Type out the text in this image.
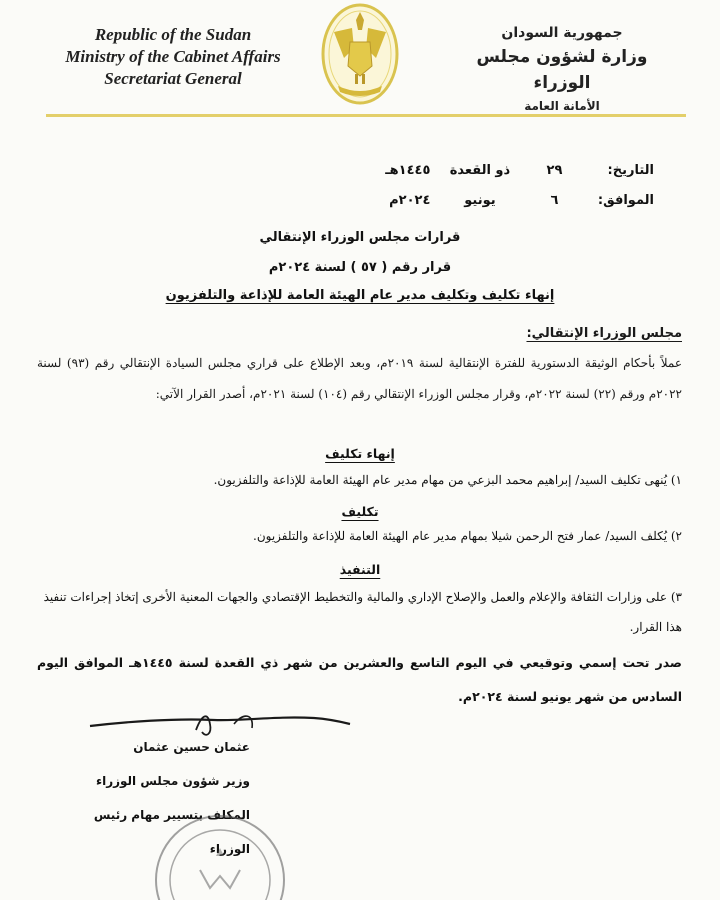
Republic of the Sudan
Ministry of the Cabinet Affairs
Secretariat General
جمهورية السودان
وزارة لشؤون مجلس الوزراء
الأمانة العامة
التاريخ: ٢٩ ذو القعدة ١٤٤٥هـ
الموافق: ٦ يونيو ٢٠٢٤م
قرارات مجلس الوزراء الإنتقالي
قرار رقم ( ٥٧ ) لسنة ٢٠٢٤م
إنهاء تكليف وتكليف مدير عام الهيئة العامة للإذاعة والتلفزيون
مجلس الوزراء الإنتقالي:
عملاً بأحكام الوثيقة الدستورية للفترة الإنتقالية لسنة ٢٠١٩م، وبعد الإطلاع على قراري مجلس السيادة الإنتقالي رقم (٩٣) لسنة ٢٠٢٢م ورقم (٢٢) لسنة ٢٠٢٢م، وقرار مجلس الوزراء الإنتقالي رقم (١٠٤) لسنة ٢٠٢١م، أصدر القرار الآتي:
إنهاء تكليف
١) يُنهى تكليف السيد/ إبراهيم محمد البزعي من مهام مدير عام الهيئة العامة للإذاعة والتلفزيون.
تكليف
٢) يُكلف السيد/ عمار فتح الرحمن شيلا بمهام مدير عام الهيئة العامة للإذاعة والتلفزيون.
التنفيذ
٣) على وزارات الثقافة والإعلام والعمل والإصلاح الإداري والمالية والتخطيط الإقتصادي والجهات المعنية الأخرى إتخاذ إجراءات تنفيذ هذا القرار.
صدر تحت إسمي وتوقيعي في اليوم التاسع والعشرين من شهر ذي القعدة لسنة ١٤٤٥هـ الموافق اليوم السادس من شهر يونيو لسنة ٢٠٢٤م.
عثمان حسين عثمان
وزير شؤون مجلس الوزراء
المكلف بتسيير مهام رئيس الوزراء
